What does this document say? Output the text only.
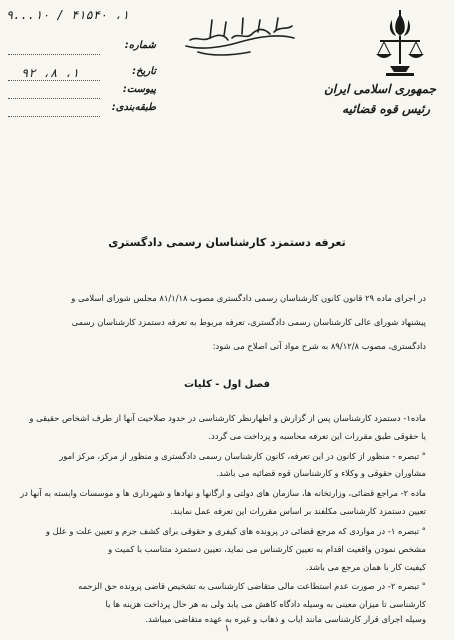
۹...۱۰ / ۴۱۵۴۰ ،۱
شماره:
تاریخ:
۹۲ ،۸ ،۱
پیوست:
طبقه‌بندی:
جمهوری اسلامی ایران
رئیس قوه قضائیه
تعرفه دستمزد کارشناسان رسمی دادگستری
در اجرای ماده ۲۹ قانون کانون کارشناسان رسمی دادگستری مصوب ۸۱/۱/۱۸ مجلس شورای اسلامی و
پیشنهاد شورای عالی کارشناسان رسمی دادگستری، تعرفه مربوط به تعرفه دستمزد کارشناسان رسمی
دادگستری، مصوب ۸۹/۱۲/۸ به شرح مواد آتی اصلاح می شود:
فصل اول - کلیات
ماده۱- دستمزد کارشناسان پس از گزارش و اظهارنظر کارشناسی در حدود صلاحیت آنها از طرف اشخاص حقیقی و
یا حقوقی طبق مقررات این تعرفه محاسبه و پرداخت می گردد.
° تبصره - منظور از کانون در این تعرفه، کانون کارشناسان رسمی دادگستری و منظور از مرکز، مرکز امور
مشاوران حقوقی و وکلاء و کارشناسان قوه قضائیه می باشد.
ماده ۲- مراجع قضائی، وزارتخانه ها، سازمان های دولتی و ارگانها و نهادها و شهرداری ها و موسسات وابسته به آنها در
تعیین دستمزد کارشناسی مکلفند بر اساس مقررات این تعرفه عمل نمایند.
° تبصره ۱- در مواردی که مرجع قضائی در پرونده های کیفری و حقوقی برای کشف جرم و تعیین علت و علل و
مشخص نمودن واقعیت اقدام به تعیین کارشناس می نماید، تعیین دستمزد متناسب با کمیت و
کیفیت کار با همان مرجع می باشد.
° تبصره ۲- در صورت عدم استطاعت مالی متقاضی کارشناسی به تشخیص قاضی پرونده حق الزحمه
کارشناسی تا میزان معینی به وسیله دادگاه کاهش می یابد ولی به هر حال پرداخت هزینه ها یا
وسیله اجرای قرار کارشناسی مانند ایاب و ذهاب و غیره به عهده متقاضی میباشد.
۱
